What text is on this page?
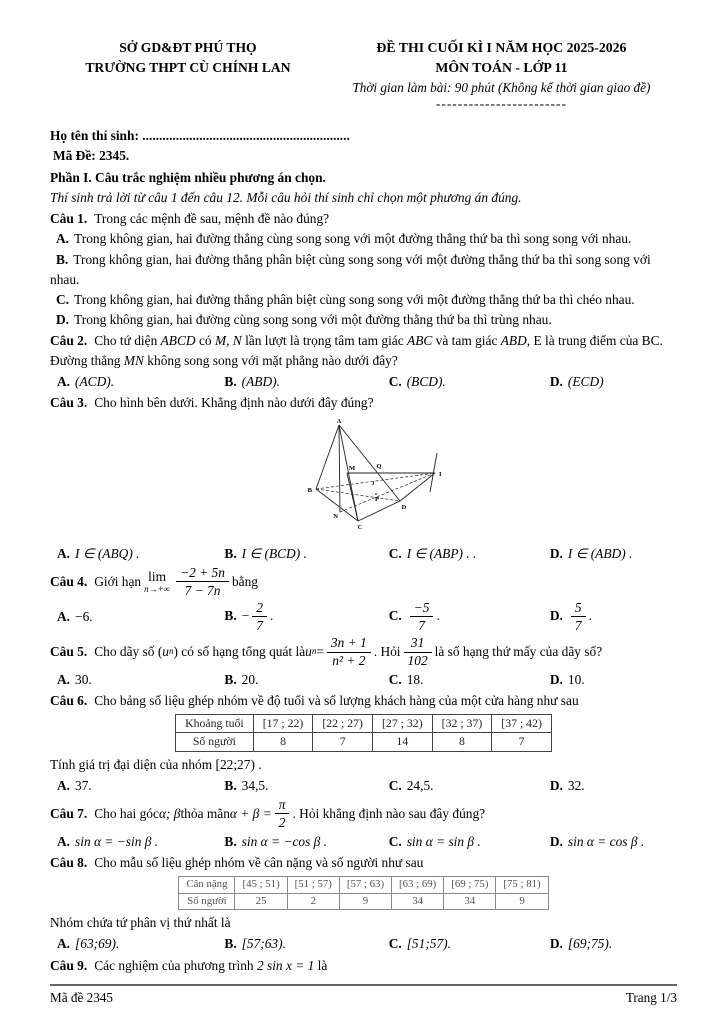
SỞ GD&ĐT PHÚ THỌ
TRƯỜNG THPT CÙ CHÍNH LAN
ĐỀ THI CUỐI KÌ I NĂM HỌC 2025-2026
MÔN TOÁN - LỚP 11
Thời gian làm bài: 90 phút (Không kể thời gian giao đề)
------------------------
Họ tên thí sinh: ..............................................................
Mã Đề: 2345.
Phần I. Câu trắc nghiệm nhiều phương án chọn.
Thí sinh trả lời từ câu 1 đến câu 12. Mỗi câu hỏi thí sinh chỉ chọn một phương án đúng.
Câu 1. Trong các mệnh đề sau, mệnh đề nào đúng?
A. Trong không gian, hai đường thẳng cùng song song với một đường thẳng thứ ba thì song song với nhau.
B. Trong không gian, hai đường thẳng phân biệt cùng song song với một đường thẳng thứ ba thì song song với nhau.
C. Trong không gian, hai đường thẳng phân biệt cùng song song với một đường thẳng thứ ba thì chéo nhau.
D. Trong không gian, hai đường cùng song song với một đường thẳng thứ ba thì trùng nhau.
Câu 2. Cho tứ diện ABCD có M, N lần lượt là trọng tâm tam giác ABC và tam giác ABD, E là trung điểm của BC. Đường thẳng MN không song song với mặt phẳng nào dưới đây?
A. (ACD).	B. (ABD).	C. (BCD).	D. (ECD)
Câu 3. Cho hình bên dưới. Khẳng định nào dưới đây đúng?
A
B
C
D
I
M
N
P
Q
J
A. I ∈ (ABQ) .	B. I ∈ (BCD) .	C. I ∈ (ABP) . .	D. I ∈ (ABD) .
Câu 4. Giới hạn lim
$n\to+\infty \frac{-2 + 5n}{7 - 7n}$ bằng
A. −6.	B. − $\frac{2}{7}$ .	C. $\frac{-5}{7}$ .	D. $\frac{5}{7}$ .
Câu 5. Cho dãy số ( u n ) có số hạng tổng quát là u $n = \frac{3n + 1}{\text{n² + 2}}$ . Hỏi $\frac{31}{102}$ là số hạng thứ mấy của dãy số?
A. 30.	B. 20.	C. 18.	D. 10.
Câu 6. Cho bảng số liệu ghép nhóm về độ tuổi và số lượng khách hàng của một cửa hàng như sau
Khoảng tuổi	[17 ; 22)	[22 ; 27)	[27 ; 32)	[32 ; 37)	[37 ; 42)
Số người	8	7	14	8	7
Tính giá trị đại diện của nhóm [22;27) .
A. 37.	B. 34,5.	C. 24,5.	D. 32.
Câu 7. Cho hai góc α; β thỏa mãn $\alpha + \beta = \frac{\pi}{2}$ . Hỏi khẳng định nào sau đây đúng?
A. sin α = −sin β .	B. sin α = −cos β .	C. sin α = sin β .	D. sin α = cos β .
Câu 8. Cho mẫu số liệu ghép nhóm về cân nặng và số người như sau
Cân nặng	[45 ; 51)	[51 ; 57)	[57 ; 63)	[63 ; 69)	[69 ; 75)	[75 ; 81)
Số người	25	2	9	34	34	9
Nhóm chứa tứ phân vị thứ nhất là
A. [63;69).	B. [57;63).	C. [51;57).	D. [69;75).
Câu 9. Các nghiệm của phương trình 2 sin x = 1 là
Mã đề 2345	Trang 1/3
